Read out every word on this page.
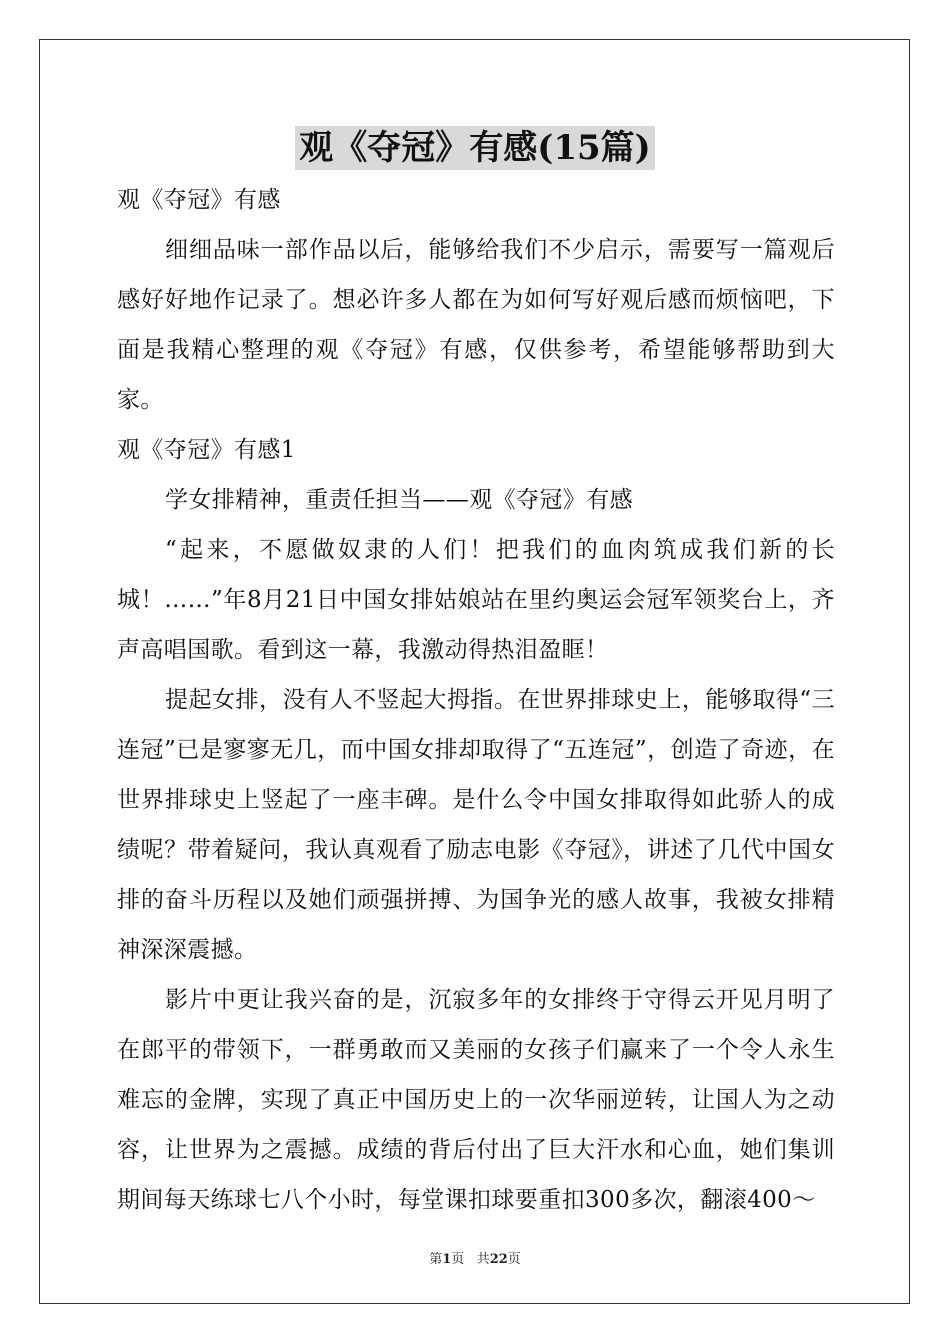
观《夺冠》有感(15篇)

观《夺冠》有感

细细品味一部作品以后，能够给我们不少启示，需要写一篇观后感好好地作记录了。想必许多人都在为如何写好观后感而烦恼吧，下面是我精心整理的观《夺冠》有感，仅供参考，希望能够帮助到大家。

观《夺冠》有感1

学女排精神，重责任担当——观《夺冠》有感

“起来，不愿做奴隶的人们！把我们的血肉筑成我们新的长城！……”年8月21日中国女排姑娘站在里约奥运会冠军领奖台上，齐声高唱国歌。看到这一幕，我激动得热泪盈眶！

提起女排，没有人不竖起大拇指。在世界排球史上，能够取得“三连冠”已是寥寥无几，而中国女排却取得了“五连冠”，创造了奇迹，在世界排球史上竖起了一座丰碑。是什么令中国女排取得如此骄人的成绩呢？带着疑问，我认真观看了励志电影《夺冠》，讲述了几代中国女排的奋斗历程以及她们顽强拼搏、为国争光的感人故事，我被女排精神深深震撼。

影片中更让我兴奋的是，沉寂多年的女排终于守得云开见月明了在郎平的带领下，一群勇敢而又美丽的女孩子们赢来了一个令人永生难忘的金牌，实现了真正中国历史上的一次华丽逆转，让国人为之动容，让世界为之震撼。成绩的背后付出了巨大汗水和心血，她们集训期间每天练球七八个小时，每堂课扣球要重扣300多次，翻滚400～

第1页 共22页
